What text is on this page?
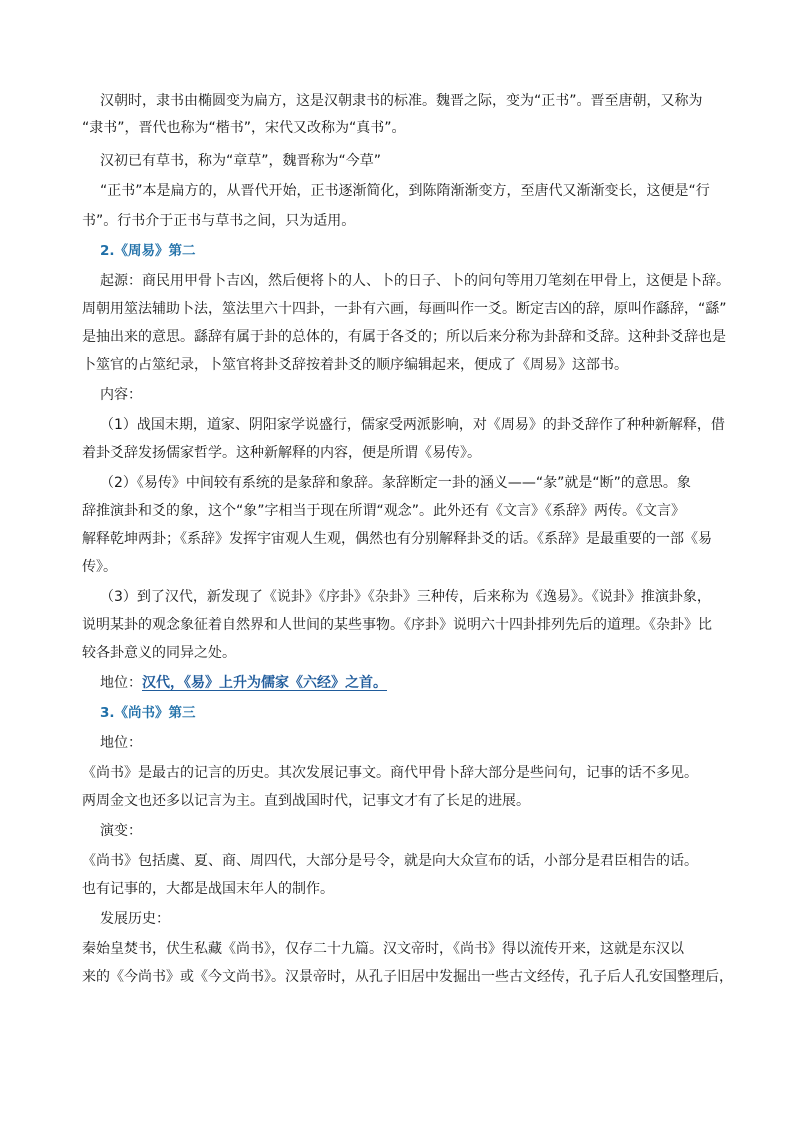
汉朝时，隶书由椭圆变为扁方，这是汉朝隶书的标准。魏晋之际，变为“正书”。晋至唐朝，又称为
“隶书”，晋代也称为“楷书”，宋代又改称为“真书”。
汉初已有草书，称为“章草”，魏晋称为“今草”
“正书”本是扁方的，从晋代开始，正书逐渐简化，到陈隋渐渐变方，至唐代又渐渐变长，这便是“行
书”。行书介于正书与草书之间，只为适用。
2.《周易》第二
起源：商民用甲骨卜吉凶，然后便将卜的人、卜的日子、卜的问句等用刀笔刻在甲骨上，这便是卜辞。
周朝用筮法辅助卜法，筮法里六十四卦，一卦有六画，每画叫作一爻。断定吉凶的辞，原叫作繇辞，“繇”
是抽出来的意思。繇辞有属于卦的总体的，有属于各爻的；所以后来分称为卦辞和爻辞。这种卦爻辞也是
卜筮官的占筮纪录，卜筮官将卦爻辞按着卦爻的顺序编辑起来，便成了《周易》这部书。
内容：
（1）战国末期，道家、阴阳家学说盛行，儒家受两派影响，对《周易》的卦爻辞作了种种新解释，借
着卦爻辞发扬儒家哲学。这种新解释的内容，便是所谓《易传》。
（2）《易传》中间较有系统的是彖辞和象辞。彖辞断定一卦的涵义——“彖”就是“断”的意思。象
辞推演卦和爻的象，这个“象”字相当于现在所谓“观念”。此外还有《文言》《系辞》两传。《文言》
解释乾坤两卦；《系辞》发挥宇宙观人生观，偶然也有分别解释卦爻的话。《系辞》是最重要的一部《易
传》。
（3）到了汉代，新发现了《说卦》《序卦》《杂卦》三种传，后来称为《逸易》。《说卦》推演卦象，
说明某卦的观念象征着自然界和人世间的某些事物。《序卦》说明六十四卦排列先后的道理。《杂卦》比
较各卦意义的同异之处。
地位：汉代，《易》上升为儒家《六经》之首。
3.《尚书》第三
地位：
《尚书》是最古的记言的历史。其次发展记事文。商代甲骨卜辞大部分是些问句，记事的话不多见。
两周金文也还多以记言为主。直到战国时代，记事文才有了长足的进展。
演变：
《尚书》包括虞、夏、商、周四代，大部分是号令，就是向大众宣布的话，小部分是君臣相告的话。
也有记事的，大都是战国末年人的制作。
发展历史：
秦始皇焚书，伏生私藏《尚书》，仅存二十九篇。汉文帝时，《尚书》得以流传开来，这就是东汉以
来的《今尚书》或《今文尚书》。汉景帝时，从孔子旧居中发掘出一些古文经传，孔子后人孔安国整理后，
